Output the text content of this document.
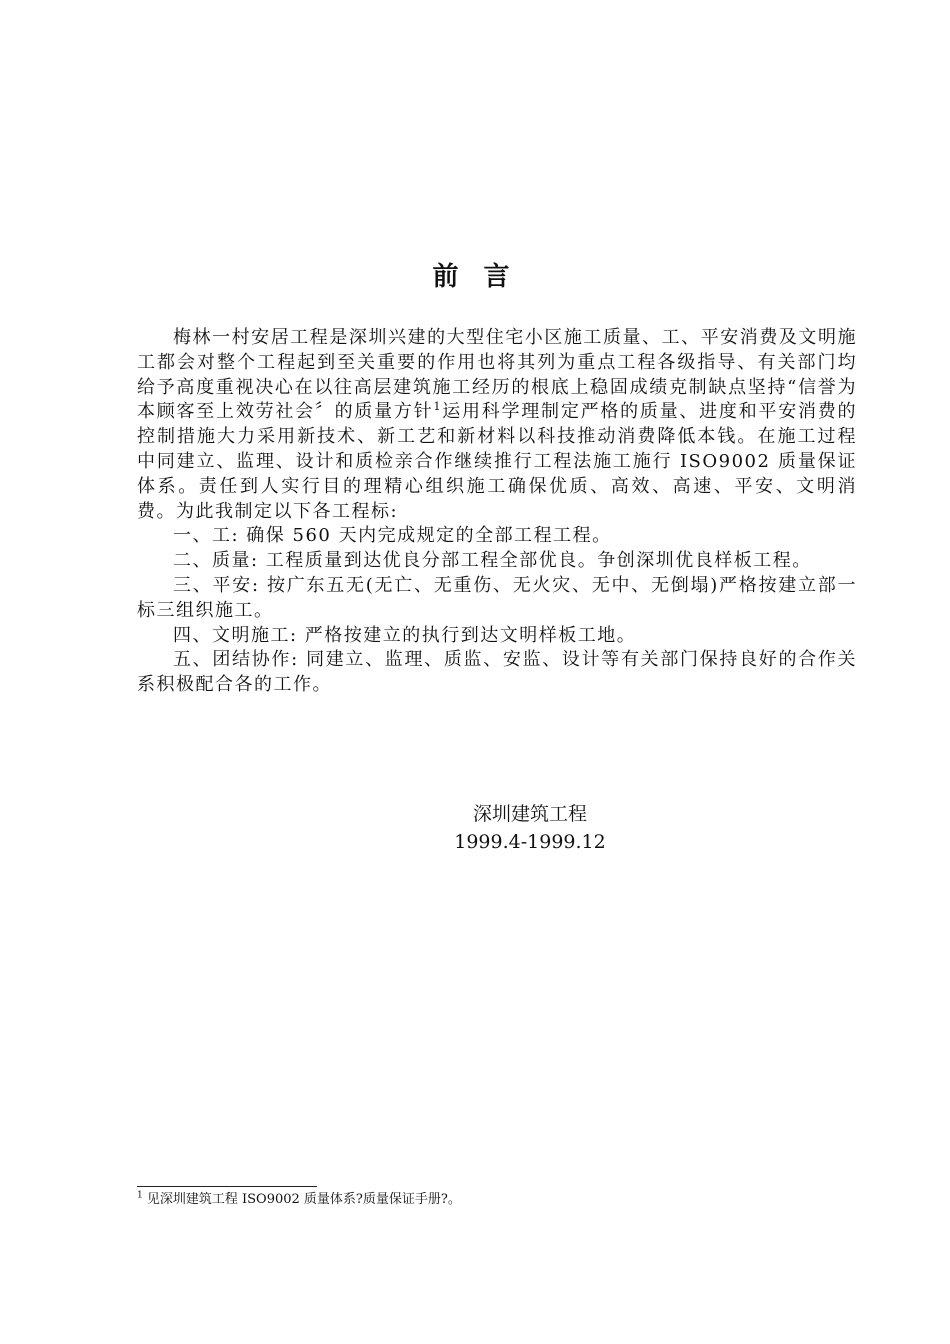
前 言

梅林一村安居工程是深圳兴建的大型住宅小区施工质量、工、平安消费及文明施工都会对整个工程起到至关重要的作用也将其列为重点工程各级指导、有关部门均给予高度重视决心在以往高层建筑施工经历的根底上稳固成绩克制缺点坚持“信誉为本顾客至上效劳社会〞的质量方针$^1$运用科学理制定严格的质量、进度和平安消费的控制措施大力采用新技术、新工艺和新材料以科技推动消费降低本钱。在施工过程中同建立、监理、设计和质检亲合作继续推行工程法施工施行 ISO9002 质量保证体系。责任到人实行目的理精心组织施工确保优质、高效、高速、平安、文明消费。为此我制定以下各工程标:

一、工: 确保 560 天内完成规定的全部工程工程。

二、质量: 工程质量到达优良分部工程全部优良。争创深圳优良样板工程。

三、平安: 按广东五无(无亡、无重伤、无火灾、无中、无倒塌)严格按建立部一标三组织施工。

四、文明施工: 严格按建立的执行到达文明样板工地。

五、团结协作: 同建立、监理、质监、安监、设计等有关部门保持良好的合作关系积极配合各的工作。

深圳建筑工程
1999.4-1999.12
$^1$ 见深圳建筑工程 ISO9002 质量体系?质量保证手册?。
